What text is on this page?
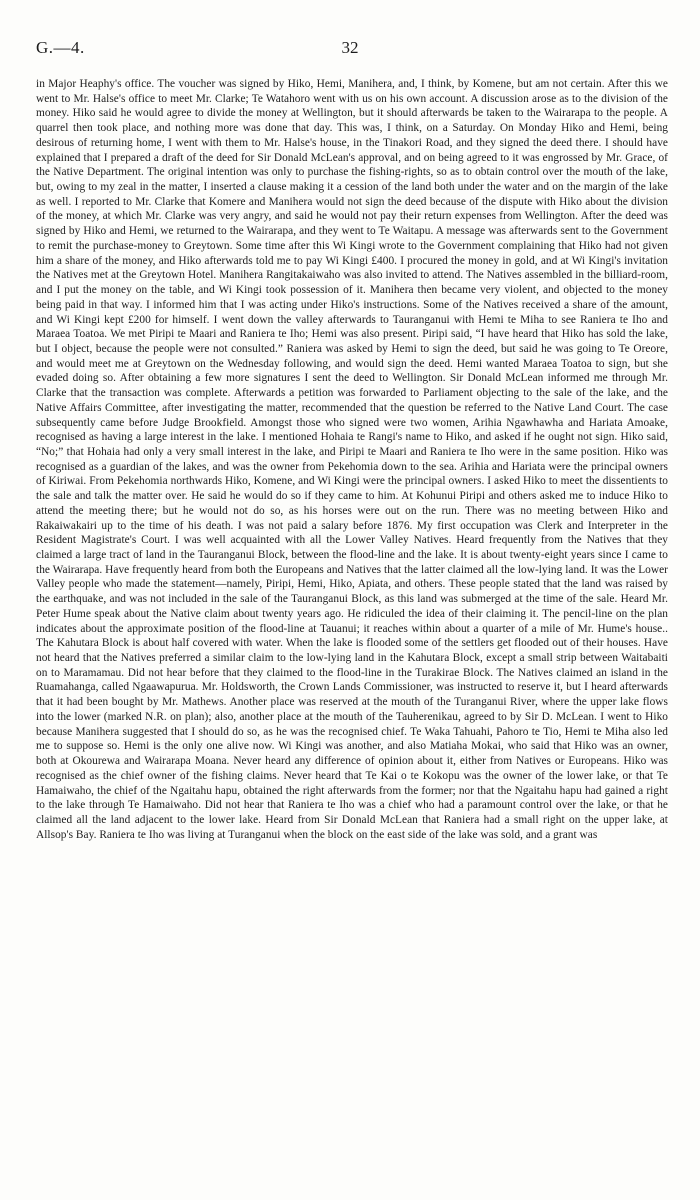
G.—4.	32

in Major Heaphy's office. The voucher was signed by Hiko, Hemi, Manihera, and, I think, by Komene, but am not certain. After this we went to Mr. Halse's office to meet Mr. Clarke; Te Watahoro went with us on his own account. A discussion arose as to the division of the money. Hiko said he would agree to divide the money at Wellington, but it should afterwards be taken to the Wairarapa to the people. A quarrel then took place, and nothing more was done that day. This was, I think, on a Saturday. On Monday Hiko and Hemi, being desirous of returning home, I went with them to Mr. Halse's house, in the Tinakori Road, and they signed the deed there. I should have explained that I prepared a draft of the deed for Sir Donald McLean's approval, and on being agreed to it was engrossed by Mr. Grace, of the Native Department. The original intention was only to purchase the fishing-rights, so as to obtain control over the mouth of the lake, but, owing to my zeal in the matter, I inserted a clause making it a cession of the land both under the water and on the margin of the lake as well. I reported to Mr. Clarke that Komere and Manihera would not sign the deed because of the dispute with Hiko about the division of the money, at which Mr. Clarke was very angry, and said he would not pay their return expenses from Wellington. After the deed was signed by Hiko and Hemi, we returned to the Wairarapa, and they went to Te Waitapu. A message was afterwards sent to the Government to remit the purchase-money to Greytown. Some time after this Wi Kingi wrote to the Government complaining that Hiko had not given him a share of the money, and Hiko afterwards told me to pay Wi Kingi £400. I procured the money in gold, and at Wi Kingi's invitation the Natives met at the Greytown Hotel. Manihera Rangitakaiwaho was also invited to attend. The Natives assembled in the billiard-room, and I put the money on the table, and Wi Kingi took possession of it. Manihera then became very violent, and objected to the money being paid in that way. I informed him that I was acting under Hiko's instructions. Some of the Natives received a share of the amount, and Wi Kingi kept £200 for himself. I went down the valley afterwards to Tauranganui with Hemi te Miha to see Raniera te Iho and Maraea Toatoa. We met Piripi te Maari and Raniera te Iho; Hemi was also present. Piripi said, “I have heard that Hiko has sold the lake, but I object, because the people were not consulted.” Raniera was asked by Hemi to sign the deed, but said he was going to Te Oreore, and would meet me at Greytown on the Wednesday following, and would sign the deed. Hemi wanted Maraea Toatoa to sign, but she evaded doing so. After obtaining a few more signatures I sent the deed to Wellington. Sir Donald McLean informed me through Mr. Clarke that the transaction was complete. Afterwards a petition was forwarded to Parliament objecting to the sale of the lake, and the Native Affairs Committee, after investigating the matter, recommended that the question be referred to the Native Land Court. The case subsequently came before Judge Brookfield. Amongst those who signed were two women, Arihia Ngawhawha and Hariata Amoake, recognised as having a large interest in the lake. I mentioned Hohaia te Rangi's name to Hiko, and asked if he ought not sign. Hiko said, “No;” that Hohaia had only a very small interest in the lake, and Piripi te Maari and Raniera te Iho were in the same position. Hiko was recognised as a guardian of the lakes, and was the owner from Pekehomia down to the sea. Arihia and Hariata were the principal owners of Kiriwai. From Pekehomia northwards Hiko, Komene, and Wi Kingi were the principal owners. I asked Hiko to meet the dissentients to the sale and talk the matter over. He said he would do so if they came to him. At Kohunui Piripi and others asked me to induce Hiko to attend the meeting there; but he would not do so, as his horses were out on the run. There was no meeting between Hiko and Rakaiwakairi up to the time of his death. I was not paid a salary before 1876. My first occupation was Clerk and Interpreter in the Resident Magistrate's Court. I was well acquainted with all the Lower Valley Natives. Heard frequently from the Natives that they claimed a large tract of land in the Tauranganui Block, between the flood-line and the lake. It is about twenty-eight years since I came to the Wairarapa. Have frequently heard from both the Europeans and Natives that the latter claimed all the low-lying land. It was the Lower Valley people who made the statement—namely, Piripi, Hemi, Hiko, Apiata, and others. These people stated that the land was raised by the earthquake, and was not included in the sale of the Tauranganui Block, as this land was submerged at the time of the sale. Heard Mr. Peter Hume speak about the Native claim about twenty years ago. He ridiculed the idea of their claiming it. The pencil-line on the plan indicates about the approximate position of the flood-line at Tauanui; it reaches within about a quarter of a mile of Mr. Hume's house.. The Kahutara Block is about half covered with water. When the lake is flooded some of the settlers get flooded out of their houses. Have not heard that the Natives preferred a similar claim to the low-lying land in the Kahutara Block, except a small strip between Waitabaiti on to Maramamau. Did not hear before that they claimed to the flood-line in the Turakirae Block. The Natives claimed an island in the Ruamahanga, called Ngaawapurua. Mr. Holdsworth, the Crown Lands Commissioner, was instructed to reserve it, but I heard afterwards that it had been bought by Mr. Mathews. Another place was reserved at the mouth of the Turanganui River, where the upper lake flows into the lower (marked N.R. on plan); also, another place at the mouth of the Tauherenikau, agreed to by Sir D. McLean. I went to Hiko because Manihera suggested that I should do so, as he was the recognised chief. Te Waka Tahuahi, Pahoro te Tio, Hemi te Miha also led me to suppose so. Hemi is the only one alive now. Wi Kingi was another, and also Matiaha Mokai, who said that Hiko was an owner, both at Okourewa and Wairarapa Moana. Never heard any difference of opinion about it, either from Natives or Europeans. Hiko was recognised as the chief owner of the fishing claims. Never heard that Te Kai o te Kokopu was the owner of the lower lake, or that Te Hamaiwaho, the chief of the Ngaitahu hapu, obtained the right afterwards from the former; nor that the Ngaitahu hapu had gained a right to the lake through Te Hamaiwaho. Did not hear that Raniera te Iho was a chief who had a paramount control over the lake, or that he claimed all the land adjacent to the lower lake. Heard from Sir Donald McLean that Raniera had a small right on the upper lake, at Allsop's Bay. Raniera te Iho was living at Turanganui when the block on the east side of the lake was sold, and a grant was
